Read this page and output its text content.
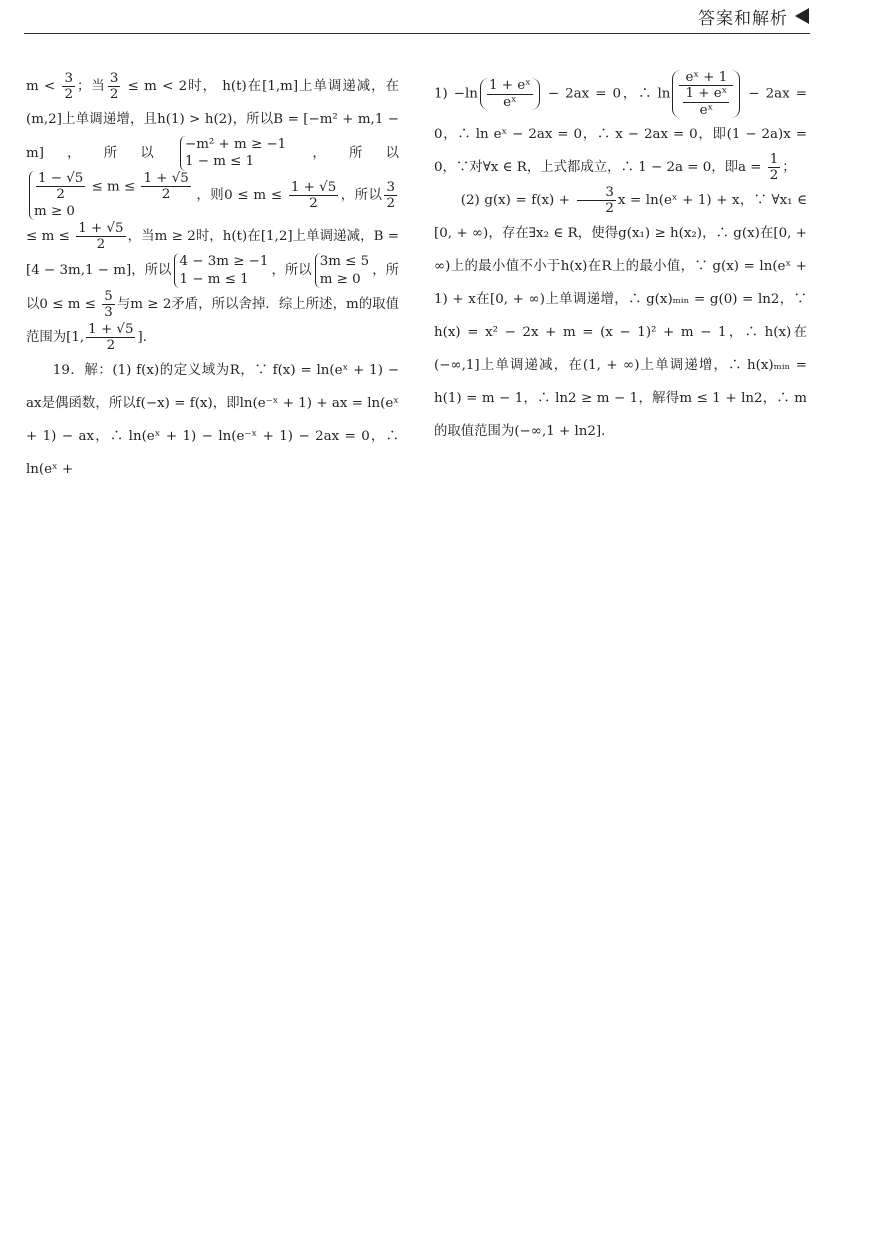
答案和解析

$m < \frac{3}{2}$ ；当 $\frac{3}{2} \le m < 2$时， h(t)在[1,m]上单调递减，在(m,2]上单调递增，且h(1) > h(2)，所以B = [−m² + m,1 − m]，所以
−m² + m ≥ −1
1 − m ≤ 1
，所以
$\frac{1 - √5}{2} \le m \le \frac{1 + √5}{2}$
m ≥ 0
，则$0 \le m \le \frac{1 + √5}{2}$ ，所以 $\frac{3}{2}$
≤ $m \le \frac{1 + √5}{2}$ ，当m ≥ 2时，h(t)在[1,2]上单调递减，B = [4 − 3m,1 − m]，所以
4 − 3m ≥ −1
1 − m ≤ 1
，所以
3m ≤ 5
m ≥ 0
，所以$0 \le m \le \frac{5}{3}$ 与m ≥ 2矛盾，所以舍掉．综上所述，m的取值范围为[1, $\frac{1 + √5}{2}$ ]．

19．解：(1) f(x)的定义域为R，∵ f(x) = ln(eˣ + 1) − ax是偶函数，所以f(−x) = f(x)，即ln(e⁻ˣ + 1) + ax = ln(eˣ + 1) − ax，∴ ln(eˣ + 1) − ln(e⁻ˣ + 1) − 2ax = 0，∴ ln(eˣ +

$1) -\ln \frac{\text{1 + eˣ}}{\text{eˣ}} - 2ax = 0$，∴ $\ln \frac{\text{eˣ + 1}}{\frac{\text{1 + eˣ}}{\text{eˣ}}} - 2ax = 0$，∴ ln eˣ − 2ax = 0，∴ x − 2ax = 0，即(1 − 2a)x = 0，∵对∀x ∈ R，上式都成立，∴ 1 − 2a = 0，即$a = \frac{1}{2}$ ；

(2) $g(x) = f(x) + \frac{3}{2}$ x = ln(eˣ + 1) + x，∵ ∀x₁ ∈ [0, + ∞)，存在∃x₂ ∈ R，使得g(x₁) ≥ h(x₂)，∴ g(x)在[0, + ∞)上的最小值不小于h(x)在R上的最小值，∵ g(x) = ln(eˣ + 1) + x在[0, + ∞)上单调递增，∴ g(x)ₘᵢₙ = g(0) = ln2，∵ h(x) = x² − 2x + m = (x − 1)² + m − 1，∴ h(x)在(−∞,1]上单调递减，在(1, + ∞)上单调递增，∴ h(x)ₘᵢₙ = h(1) = m − 1，∴ ln2 ≥ m − 1，解得m ≤ 1 + ln2，∴ m的取值范围为(−∞,1 + ln2]．
